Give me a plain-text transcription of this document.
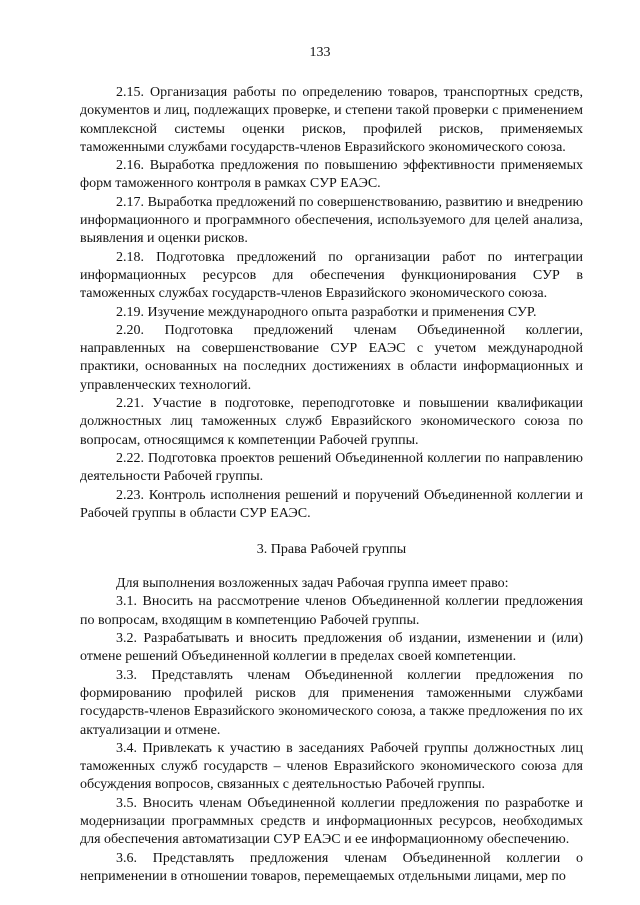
133

2.15. Организация работы по определению товаров, транспортных средств, документов и лиц, подлежащих проверке, и степени такой проверки с применением комплексной системы оценки рисков, профилей рисков, применяемых таможенными службами государств-членов Евразийского экономического союза.

2.16. Выработка предложения по повышению эффективности применяемых форм таможенного контроля в рамках СУР ЕАЭС.

2.17. Выработка предложений по совершенствованию, развитию и внедрению информационного и программного обеспечения, используемого для целей анализа, выявления и оценки рисков.

2.18. Подготовка предложений по организации работ по интеграции информационных ресурсов для обеспечения функционирования СУР в таможенных службах государств-членов Евразийского экономического союза.

2.19. Изучение международного опыта разработки и применения СУР.

2.20. Подготовка предложений членам Объединенной коллегии, направленных на совершенствование СУР ЕАЭС с учетом международной практики, основанных на последних достижениях в области информационных и управленческих технологий.

2.21. Участие в подготовке, переподготовке и повышении квалификации должностных лиц таможенных служб Евразийского экономического союза по вопросам, относящимся к компетенции Рабочей группы.

2.22. Подготовка проектов решений Объединенной коллегии по направлению деятельности Рабочей группы.

2.23. Контроль исполнения решений и поручений Объединенной коллегии и Рабочей группы в области СУР ЕАЭС.

3. Права Рабочей группы

Для выполнения возложенных задач Рабочая группа имеет право:

3.1. Вносить на рассмотрение членов Объединенной коллегии предложения по вопросам, входящим в компетенцию Рабочей группы.

3.2. Разрабатывать и вносить предложения об издании, изменении и (или) отмене решений Объединенной коллегии в пределах своей компетенции.

3.3. Представлять членам Объединенной коллегии предложения по формированию профилей рисков для применения таможенными службами государств-членов Евразийского экономического союза, а также предложения по их актуализации и отмене.

3.4. Привлекать к участию в заседаниях Рабочей группы должностных лиц таможенных служб государств – членов Евразийского экономического союза для обсуждения вопросов, связанных с деятельностью Рабочей группы.

3.5. Вносить членам Объединенной коллегии предложения по разработке и модернизации программных средств и информационных ресурсов, необходимых для обеспечения автоматизации СУР ЕАЭС и ее информационному обеспечению.

3.6. Представлять предложения членам Объединенной коллегии о неприменении в отношении товаров, перемещаемых отдельными лицами, мер по
